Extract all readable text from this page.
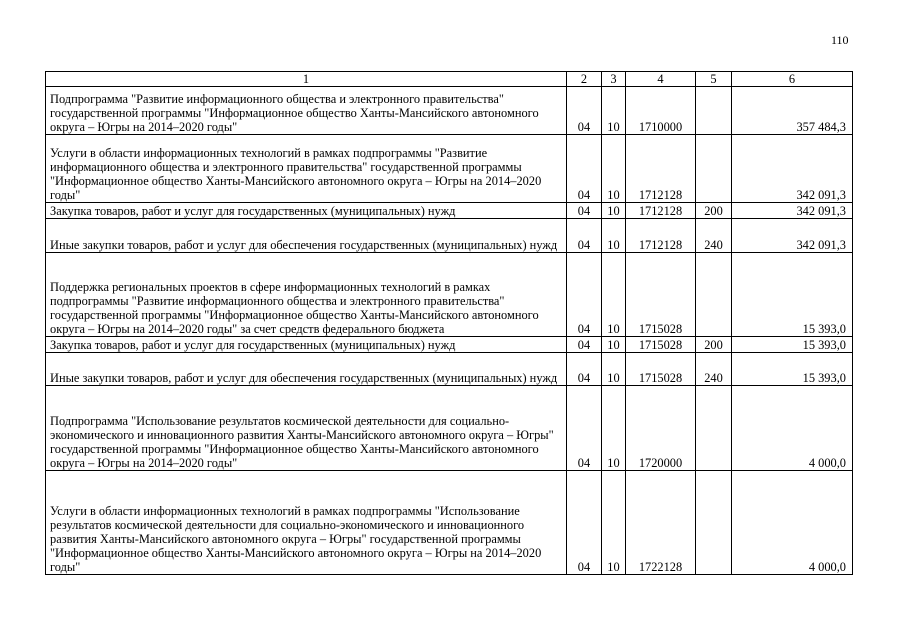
110
1	2	3	4	5	6
Подпрограмма "Развитие информационного общества и электронного правительства" государственной программы "Информационное общество Ханты-Мансийского автономного округа – Югры на 2014–2020 годы"	04	10	1710000		357 484,3
Услуги в области информационных технологий в рамках подпрограммы "Развитие информационного общества и электронного правительства" государственной программы "Информационное общество Ханты-Мансийского автономного округа – Югры на 2014–2020 годы"	04	10	1712128		342 091,3
Закупка товаров, работ и услуг для государственных (муниципальных) нужд	04	10	1712128	200	342 091,3
Иные закупки товаров, работ и услуг для обеспечения государственных (муниципальных) нужд	04	10	1712128	240	342 091,3
Поддержка региональных проектов в сфере информационных технологий в рамках подпрограммы "Развитие информационного общества и электронного правительства" государственной программы "Информационное общество Ханты-Мансийского автономного округа – Югры на 2014–2020 годы" за счет средств федерального бюджета	04	10	1715028		15 393,0
Закупка товаров, работ и услуг для государственных (муниципальных) нужд	04	10	1715028	200	15 393,0
Иные закупки товаров, работ и услуг для обеспечения государственных (муниципальных) нужд	04	10	1715028	240	15 393,0
Подпрограмма "Использование результатов космической деятельности для социально-экономического и инновационного развития Ханты-Мансийского автономного округа – Югры" государственной программы "Информационное общество Ханты-Мансийского автономного округа – Югры на 2014–2020 годы"	04	10	1720000		4 000,0
Услуги в области информационных технологий в рамках подпрограммы "Использование результатов космической деятельности для социально-экономического и инновационного развития Ханты-Мансийского автономного округа – Югры" государственной программы "Информационное общество Ханты-Мансийского автономного округа – Югры на 2014–2020 годы"	04	10	1722128		4 000,0
